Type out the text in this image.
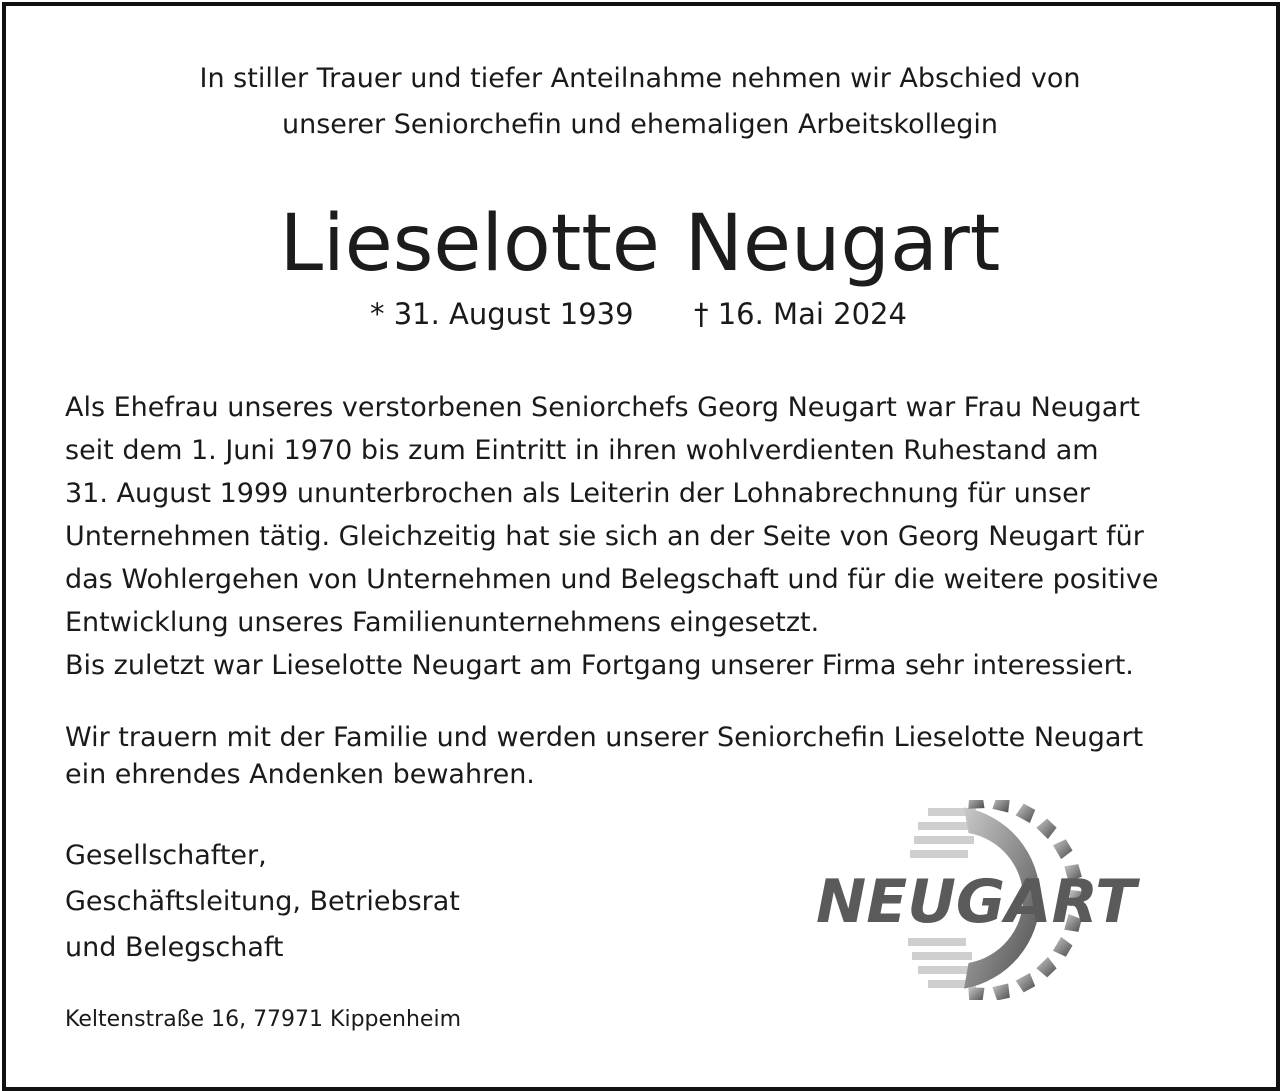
In stiller Trauer und tiefer Anteilnahme nehmen wir Abschied von
unserer Seniorchefin und ehemaligen Arbeitskollegin
Lieselotte Neugart
* 31. August 1939 † 16. Mai 2024
Als Ehefrau unseres verstorbenen Seniorchefs Georg Neugart war Frau Neugart
seit dem 1. Juni 1970 bis zum Eintritt in ihren wohlverdienten Ruhestand am
31. August 1999 ununterbrochen als Leiterin der Lohnabrechnung für unser
Unternehmen tätig. Gleichzeitig hat sie sich an der Seite von Georg Neugart für
das Wohlergehen von Unternehmen und Belegschaft und für die weitere positive
Entwicklung unseres Familienunternehmens eingesetzt.
Bis zuletzt war Lieselotte Neugart am Fortgang unserer Firma sehr interessiert.
Wir trauern mit der Familie und werden unserer Seniorchefin Lieselotte Neugart
ein ehrendes Andenken bewahren.
Gesellschafter,
Geschäftsleitung, Betriebsrat
und Belegschaft
Keltenstraße 16, 77971 Kippenheim
NEUGART
